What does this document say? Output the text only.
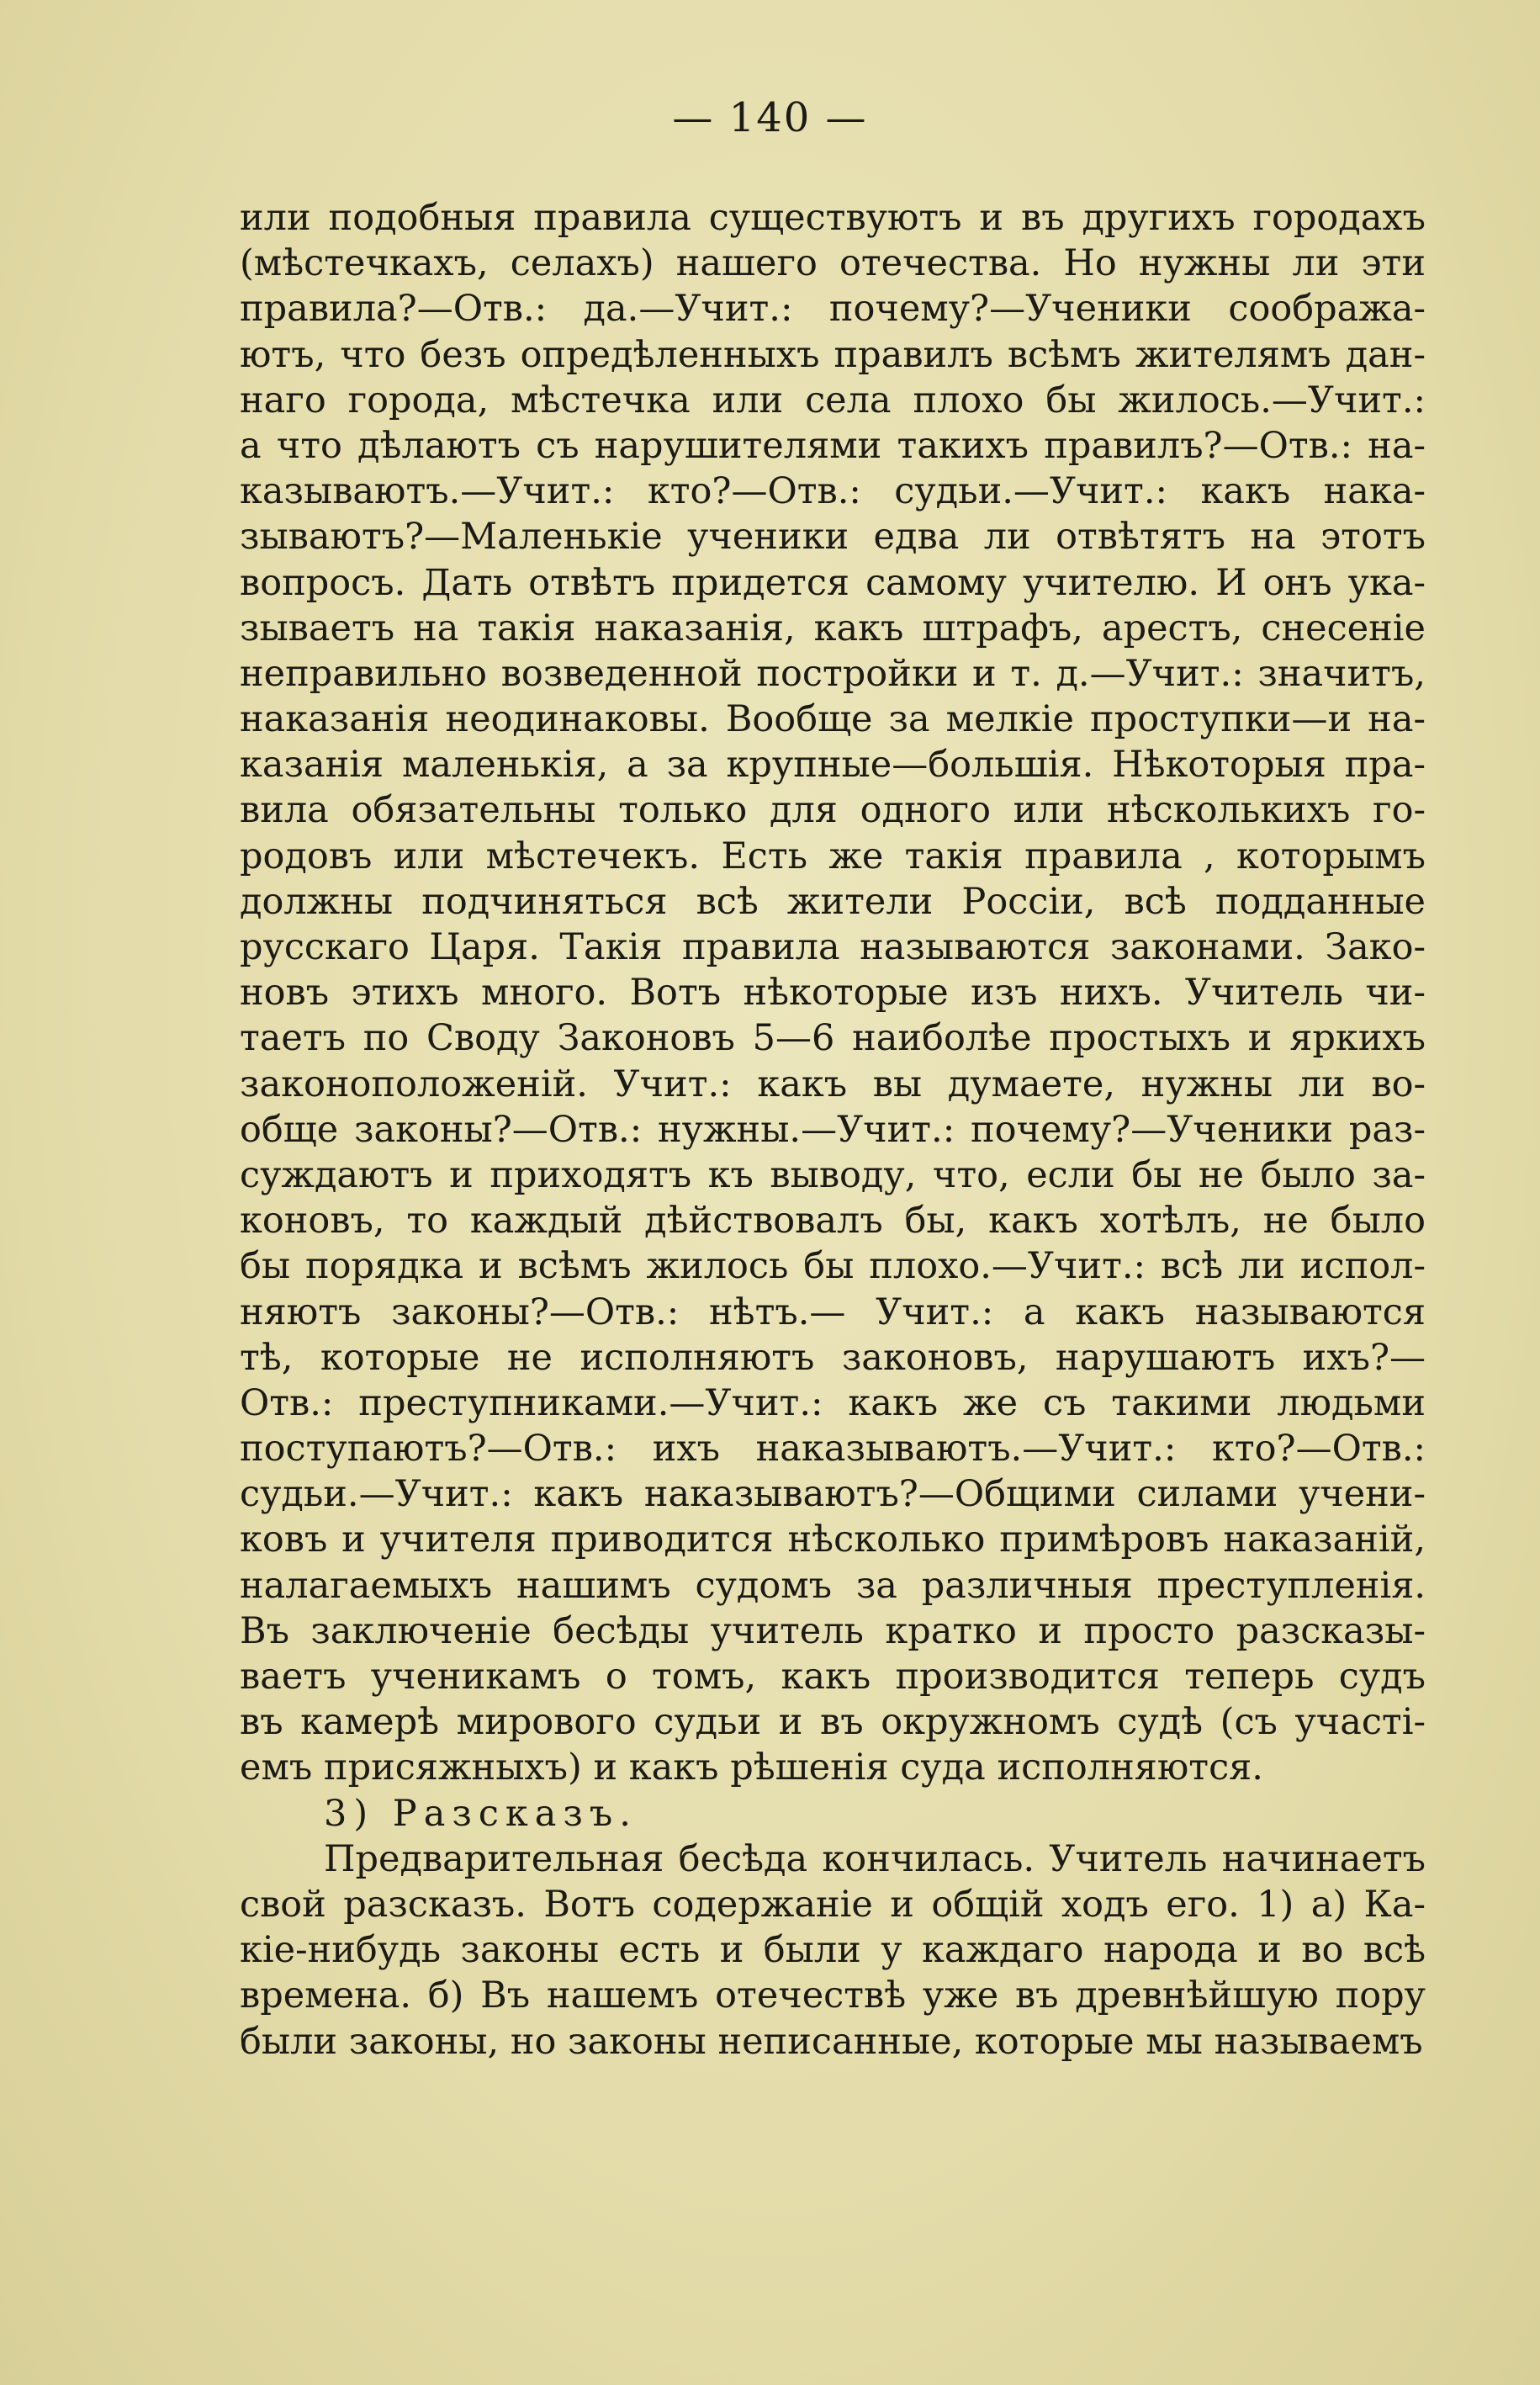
— 140 —
или подобныя правила существуютъ и въ другихъ городахъ
(мѣстечкахъ, селахъ) нашего отечества. Но нужны ли эти
правила?—Отв.: да.—Учит.: почему?—Ученики сообража-
ютъ, что безъ опредѣленныхъ правилъ всѣмъ жителямъ дан-
наго города, мѣстечка или села плохо бы жилось.—Учит.:
а что дѣлаютъ съ нарушителями такихъ правилъ?—Отв.: на-
казываютъ.—Учит.: кто?—Отв.: судьи.—Учит.: какъ нака-
зываютъ?—Маленькіе ученики едва ли отвѣтятъ на этотъ
вопросъ. Дать отвѣтъ придется самому учителю. И онъ ука-
зываетъ на такія наказанія, какъ штрафъ, арестъ, снесеніе
неправильно возведенной постройки и т. д.—Учит.: значитъ,
наказанія неодинаковы. Вообще за мелкіе проступки—и на-
казанія маленькія, а за крупные—большія. Нѣкоторыя пра-
вила обязательны только для одного или нѣсколькихъ го-
родовъ или мѣстечекъ. Есть же такія правила , которымъ
должны подчиняться всѣ жители Россіи, всѣ подданные
русскаго Царя. Такія правила называются законами. Зако-
новъ этихъ много. Вотъ нѣкоторые изъ нихъ. Учитель чи-
таетъ по Своду Законовъ 5—6 наиболѣе простыхъ и яркихъ
законоположеній. Учит.: какъ вы думаете, нужны ли во-
обще законы?—Отв.: нужны.—Учит.: почему?—Ученики раз-
суждаютъ и приходятъ къ выводу, что, если бы не было за-
коновъ, то каждый дѣйствовалъ бы, какъ хотѣлъ, не было
бы порядка и всѣмъ жилось бы плохо.—Учит.: всѣ ли испол-
няютъ законы?—Отв.: нѣтъ.— Учит.: а какъ называются
тѣ, которые не исполняютъ законовъ, нарушаютъ ихъ?—
Отв.: преступниками.—Учит.: какъ же съ такими людьми
поступаютъ?—Отв.: ихъ наказываютъ.—Учит.: кто?—Отв.:
судьи.—Учит.: какъ наказываютъ?—Общими силами учени-
ковъ и учителя приводится нѣсколько примѣровъ наказаній,
налагаемыхъ нашимъ судомъ за различныя преступленія.
Въ заключеніе бесѣды учитель кратко и просто разсказы-
ваетъ ученикамъ о томъ, какъ производится теперь судъ
въ камерѣ мирового судьи и въ окружномъ судѣ (съ участі-
емъ присяжныхъ) и какъ рѣшенія суда исполняются.
3) Разсказъ.
Предварительная бесѣда кончилась. Учитель начинаетъ
свой разсказъ. Вотъ содержаніе и общій ходъ его. 1) а) Ка-
кіе-нибудь законы есть и были у каждаго народа и во всѣ
времена. б) Въ нашемъ отечествѣ уже въ древнѣйшую пору
были законы, но законы неписанные, которые мы называемъ
